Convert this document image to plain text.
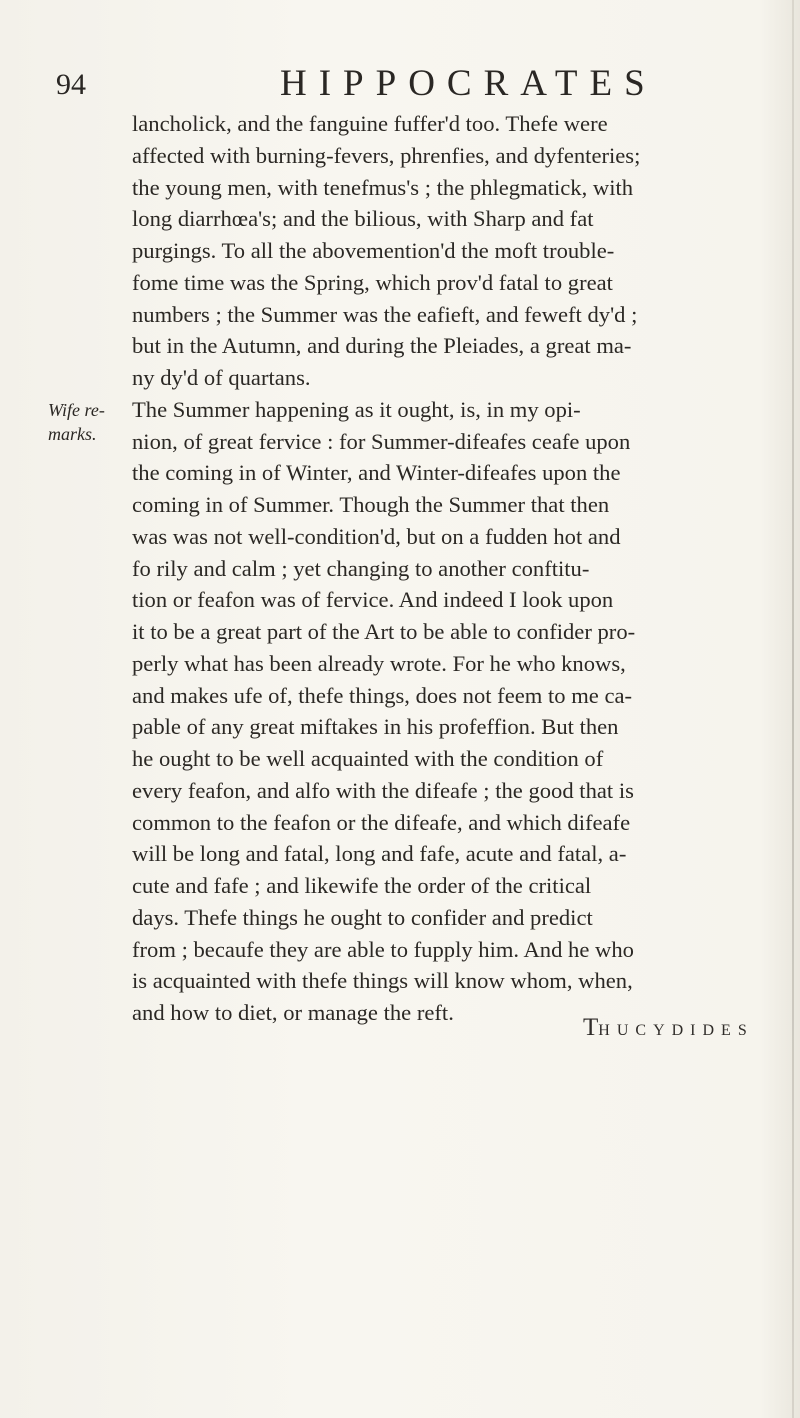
94	HIPPOCRATES
Wife re-
marks.
lancholick, and the fanguine fuffer'd too. Thefe were
affected with burning-fevers, phrenfies, and dyfenteries;
the young men, with tenefmus's ; the phlegmatick, with
long diarrhœa's; and the bilious, with Sharp and fat
purgings. To all the abovemention'd the moft trouble-
fome time was the Spring, which prov'd fatal to great
numbers ; the Summer was the eafieft, and feweft dy'd ;
but in the Autumn, and during the Pleiades, a great ma-
ny dy'd of quartans.
The Summer happening as it ought, is, in my opi-
nion, of great fervice : for Summer-difeafes ceafe upon
the coming in of Winter, and Winter-difeafes upon the
coming in of Summer. Though the Summer that then
was was not well-condition'd, but on a fudden hot and
fo rily and calm ; yet changing to another conftitu-
tion or feafon was of fervice. And indeed I look upon
it to be a great part of the Art to be able to confider pro-
perly what has been already wrote. For he who knows,
and makes ufe of, thefe things, does not feem to me ca-
pable of any great miftakes in his profeffion. But then
he ought to be well acquainted with the condition of
every feafon, and alfo with the difeafe ; the good that is
common to the feafon or the difeafe, and which difeafe
will be long and fatal, long and fafe, acute and fatal, a-
cute and fafe ; and likewife the order of the critical
days. Thefe things he ought to confider and predict
from ; becaufe they are able to fupply him. And he who
is acquainted with thefe things will know whom, when,
and how to diet, or manage the reft.
THUCYDIDES
